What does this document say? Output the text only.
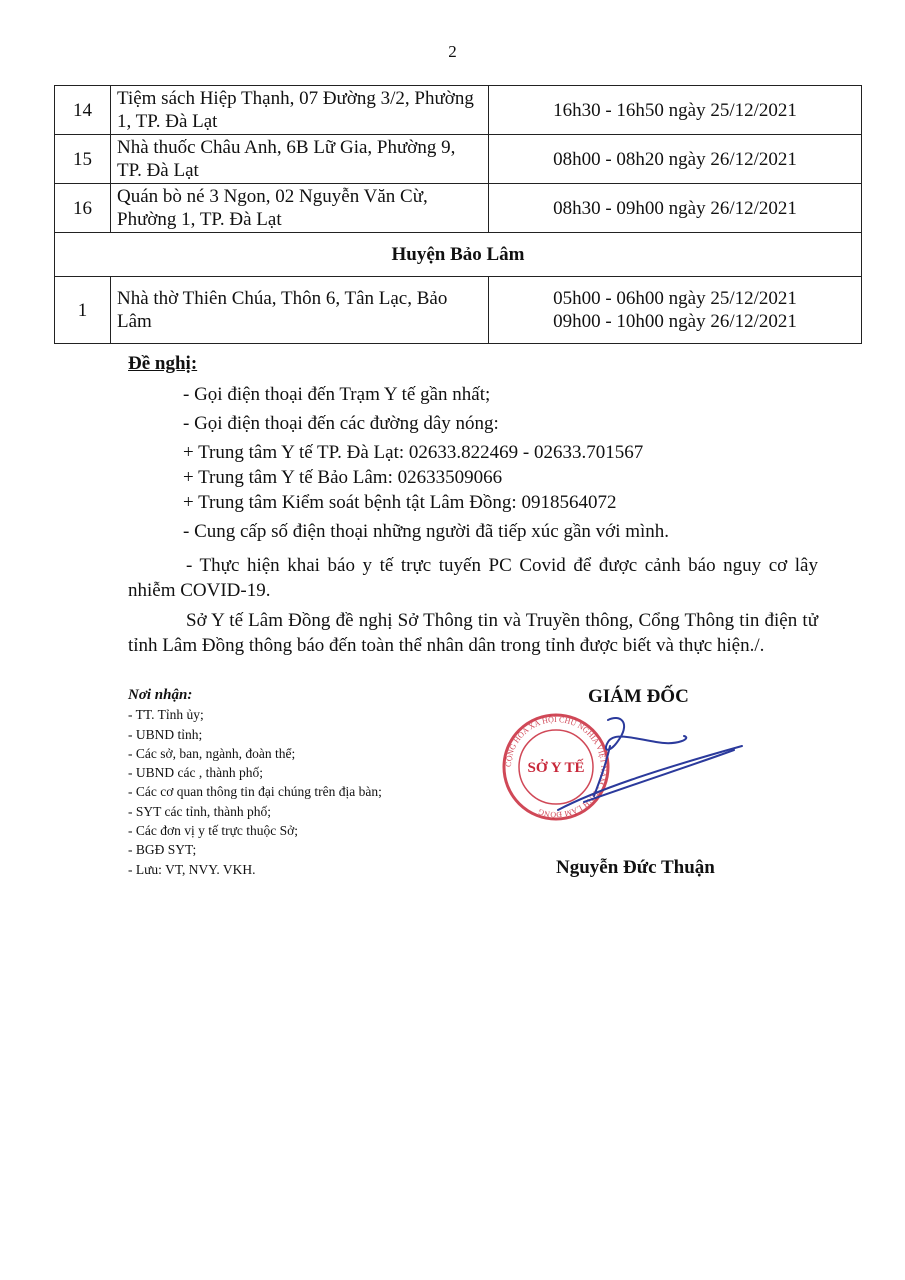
2
14	Tiệm sách Hiệp Thạnh, 07 Đường 3/2, Phường 1, TP. Đà Lạt	16h30 - 16h50 ngày 25/12/2021
15	Nhà thuốc Châu Anh, 6B Lữ Gia, Phường 9, TP. Đà Lạt	08h00 - 08h20 ngày 26/12/2021
16	Quán bò né 3 Ngon, 02 Nguyễn Văn Cừ, Phường 1, TP. Đà Lạt	08h30 - 09h00 ngày 26/12/2021
Huyện Bảo Lâm		
1	Nhà thờ Thiên Chúa, Thôn 6, Tân Lạc, Bảo Lâm	05h00 - 06h00 ngày 25/12/2021
09h00 - 10h00 ngày 26/12/2021
Đề nghị:
- Gọi điện thoại đến Trạm Y tế gần nhất;
- Gọi điện thoại đến các đường dây nóng:
+ Trung tâm Y tế TP. Đà Lạt: 02633.822469 - 02633.701567
+ Trung tâm Y tế Bảo Lâm: 02633509066
+ Trung tâm Kiểm soát bệnh tật Lâm Đồng: 0918564072
- Cung cấp số điện thoại những người đã tiếp xúc gần với mình.
- Thực hiện khai báo y tế trực tuyến PC Covid để được cảnh báo nguy cơ lây nhiễm COVID-19.
Sở Y tế Lâm Đồng đề nghị Sở Thông tin và Truyền thông, Cổng Thông tin điện tử tỉnh Lâm Đồng thông báo đến toàn thể nhân dân trong tỉnh được biết và thực hiện./.
Nơi nhận:
- TT. Tỉnh ủy;
- UBND tỉnh;
- Các sở, ban, ngành, đoàn thể;
- UBND các , thành phố;
- Các cơ quan thông tin đại chúng trên địa bàn;
- SYT các tỉnh, thành phố;
- Các đơn vị y tế trực thuộc Sở;
- BGĐ SYT;
- Lưu: VT, NVY. VKH.
GIÁM ĐỐC
CỘNG HÒA XÃ HỘI CHỦ NGHĨA VIỆT NAM · TỈNH LÂM ĐỒNG
SỞ Y TẾ
Nguyễn Đức Thuận
